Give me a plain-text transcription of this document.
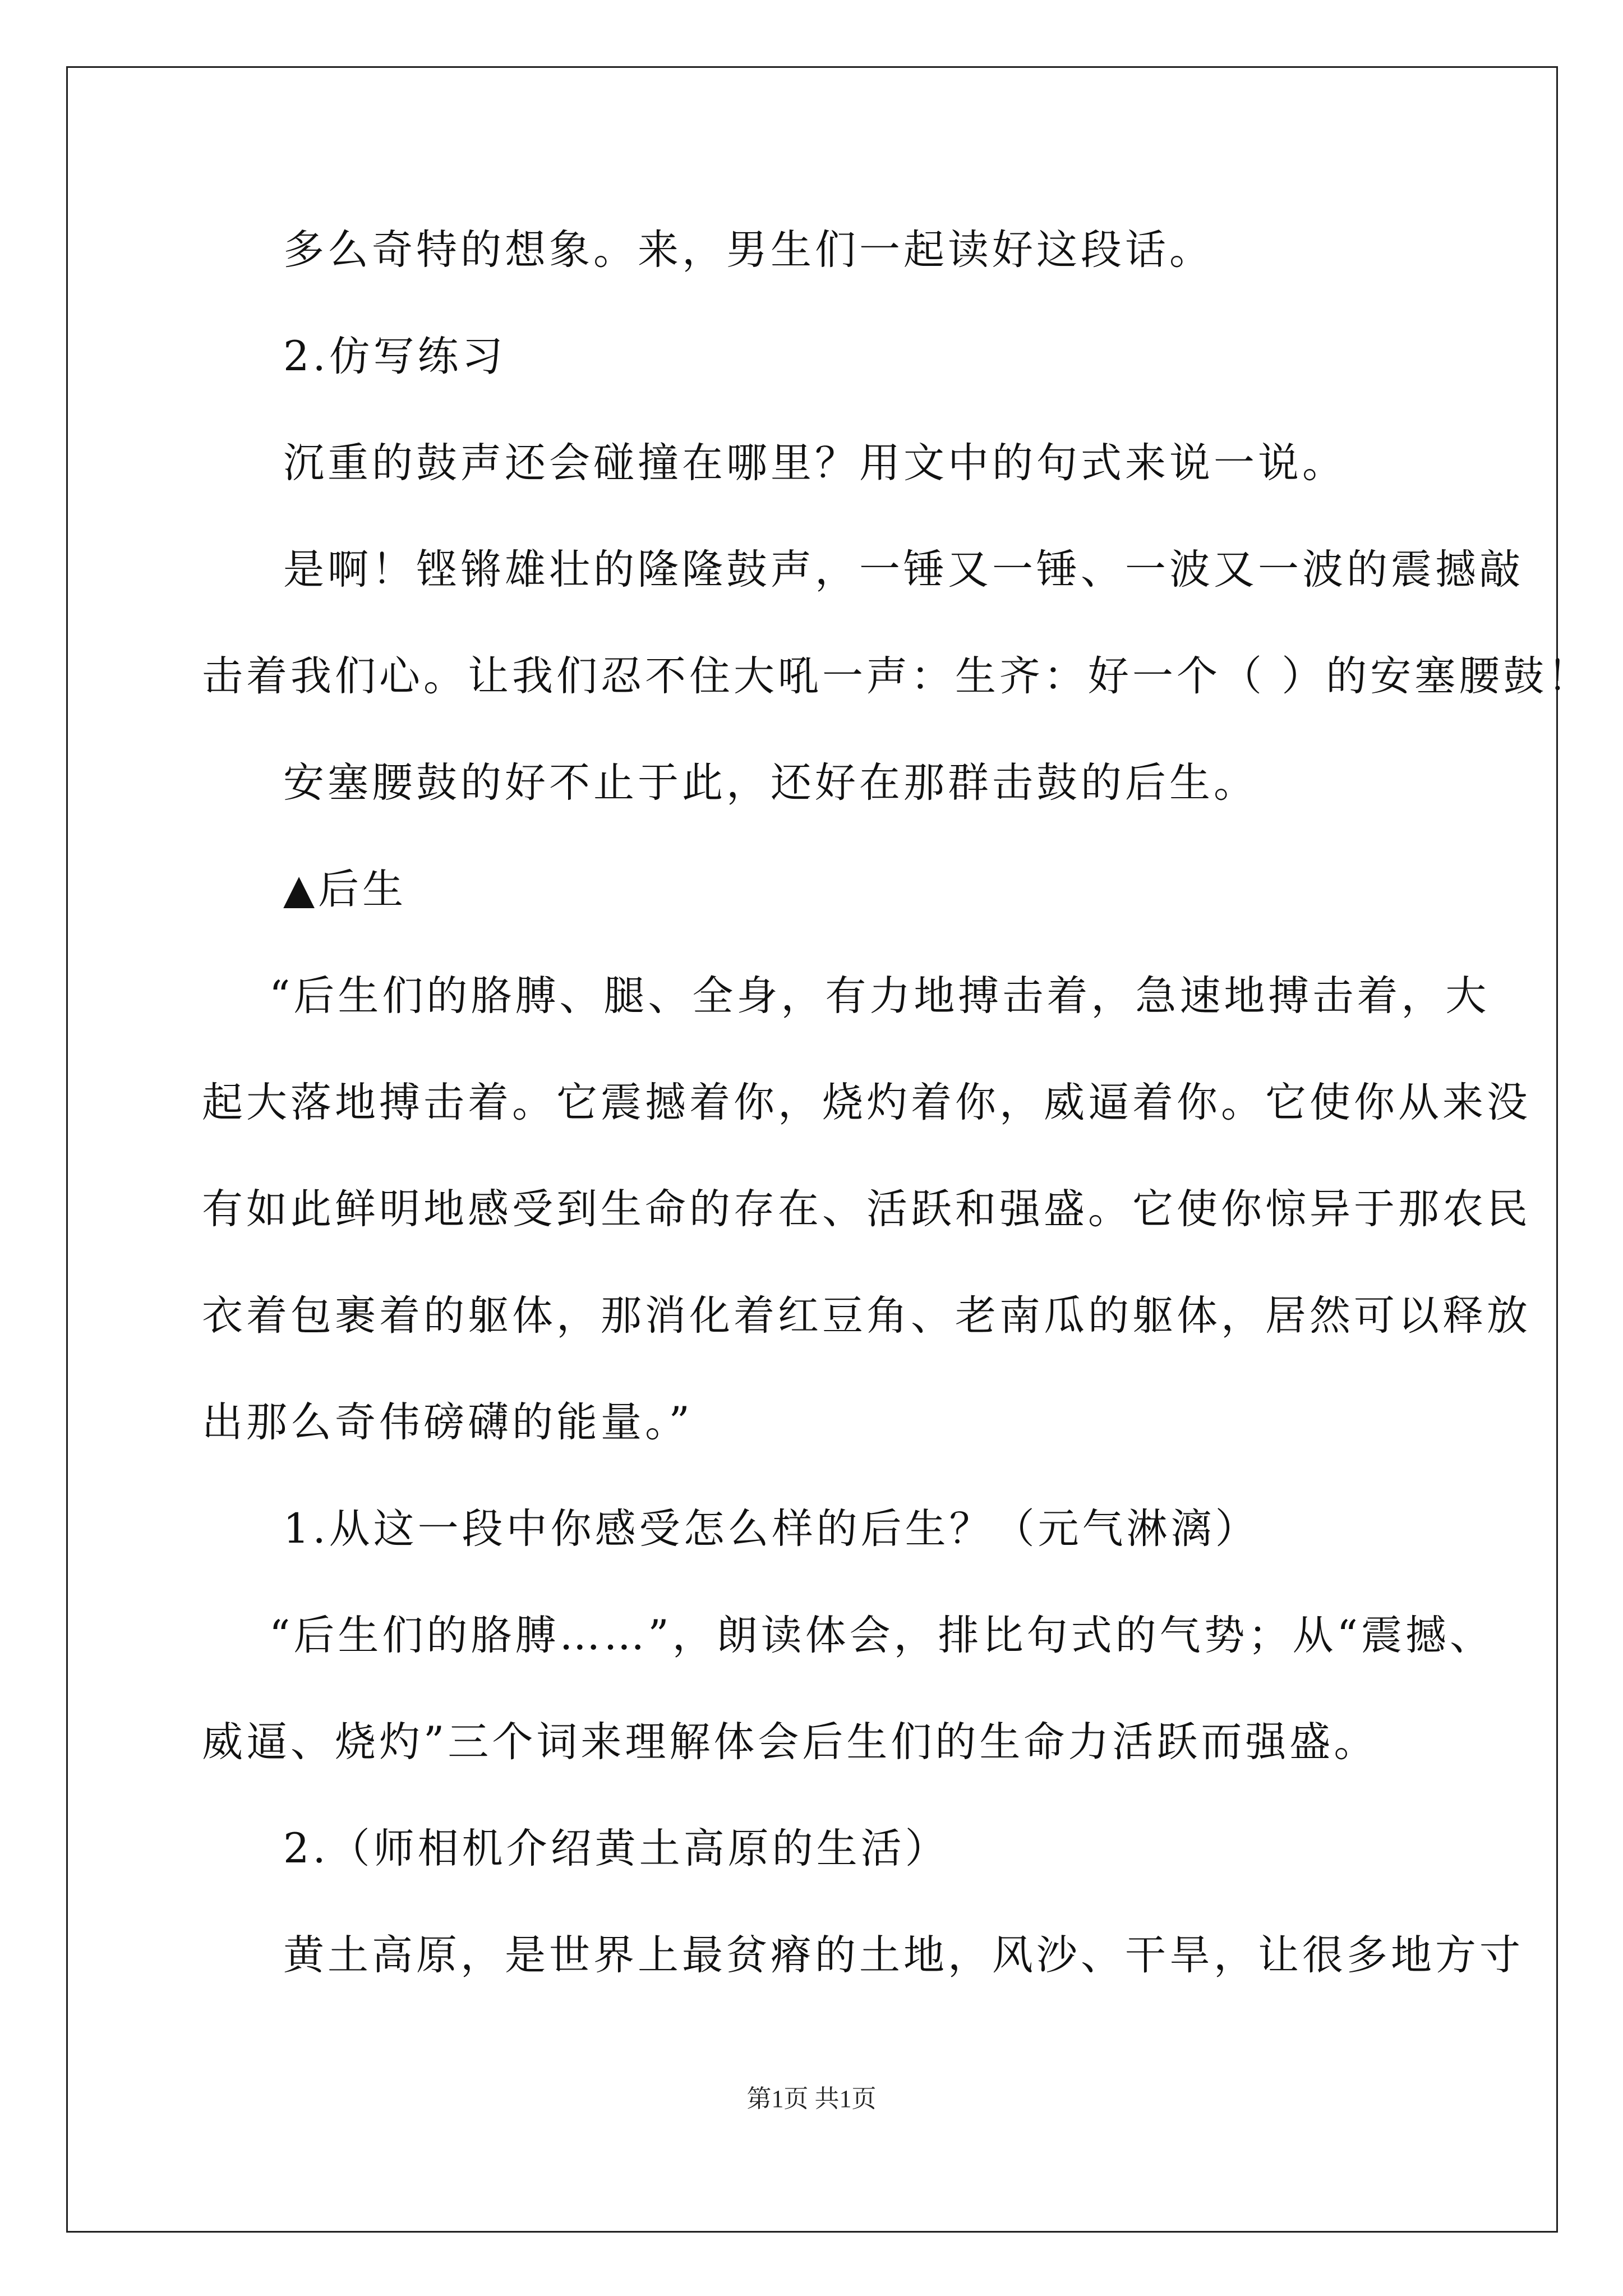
多么奇特的想象。来，男生们一起读好这段话。

2.仿写练习

沉重的鼓声还会碰撞在哪里？用文中的句式来说一说。

是啊！铿锵雄壮的隆隆鼓声，一锤又一锤、一波又一波的震撼敲

击着我们心。让我们忍不住大吼一声：生齐：好一个（ ）的安塞腰鼓！

安塞腰鼓的好不止于此，还好在那群击鼓的后生。

▲后生

“后生们的胳膊、腿、全身，有力地搏击着，急速地搏击着，大

起大落地搏击着。它震撼着你，烧灼着你，威逼着你。它使你从来没

有如此鲜明地感受到生命的存在、活跃和强盛。它使你惊异于那农民

衣着包裹着的躯体，那消化着红豆角、老南瓜的躯体，居然可以释放

出那么奇伟磅礴的能量。”

1.从这一段中你感受怎么样的后生？（元气淋漓）

“后生们的胳膊……”，朗读体会，排比句式的气势；从“震撼、

威逼、烧灼”三个词来理解体会后生们的生命力活跃而强盛。

2.（师相机介绍黄土高原的生活）

黄土高原，是世界上最贫瘠的土地，风沙、干旱，让很多地方寸

第1页 共1页
